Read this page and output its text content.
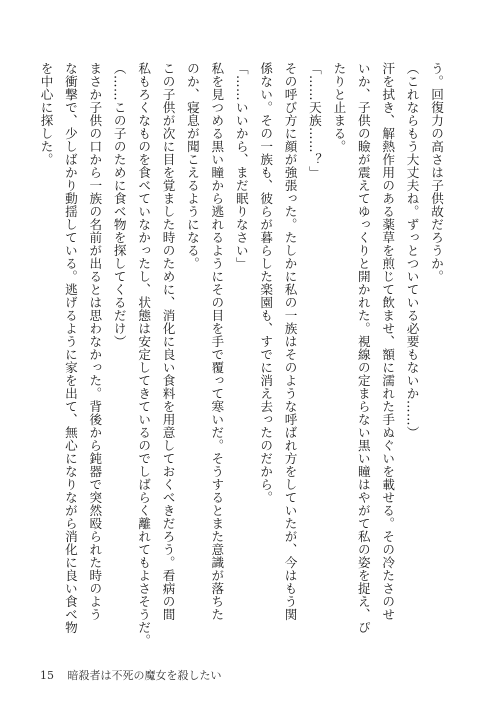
う。回復力の高さは子供故だろうか。
（これならもう大丈夫ね。ずっとついている必要もないか……）
汗を拭き、解熱作用のある薬草を煎じて飲ませ、額に濡れた手ぬぐいを載せる。その冷たさのせ
いか、子供の瞼が震えてゆっくりと開かれた。視線の定まらない黒い瞳はやがて私の姿を捉え、ぴ
たりと止まる。
「……天族……？」
その呼び方に顔が強張った。たしかに私の一族はそのような呼ばれ方をしていたが、今はもう関
係ない。その一族も、彼らが暮らした楽園も、すでに消え去ったのだから。
「……いいから、まだ眠りなさい」
私を見つめる黒い瞳から逃れるようにその目を手で覆って寒いだ。そうするとまた意識が落ちた
のか、寝息が聞こえるようになる。
この子供が次に目を覚ました時のために、消化に良い食料を用意しておくべきだろう。看病の間
私もろくなものを食べていなかったし、状態は安定してきているのでしばらく離れてもよさそうだ。
（……この子のために食べ物を探してくるだけ）
まさか子供の口から一族の名前が出るとは思わなかった。背後から鈍器で突然殴られた時のよう
な衝撃で、少しばかり動揺している。逃げるように家を出て、無心になりながら消化に良い食べ物
を中心に探した。
15 暗殺者は不死の魔女を殺したい
